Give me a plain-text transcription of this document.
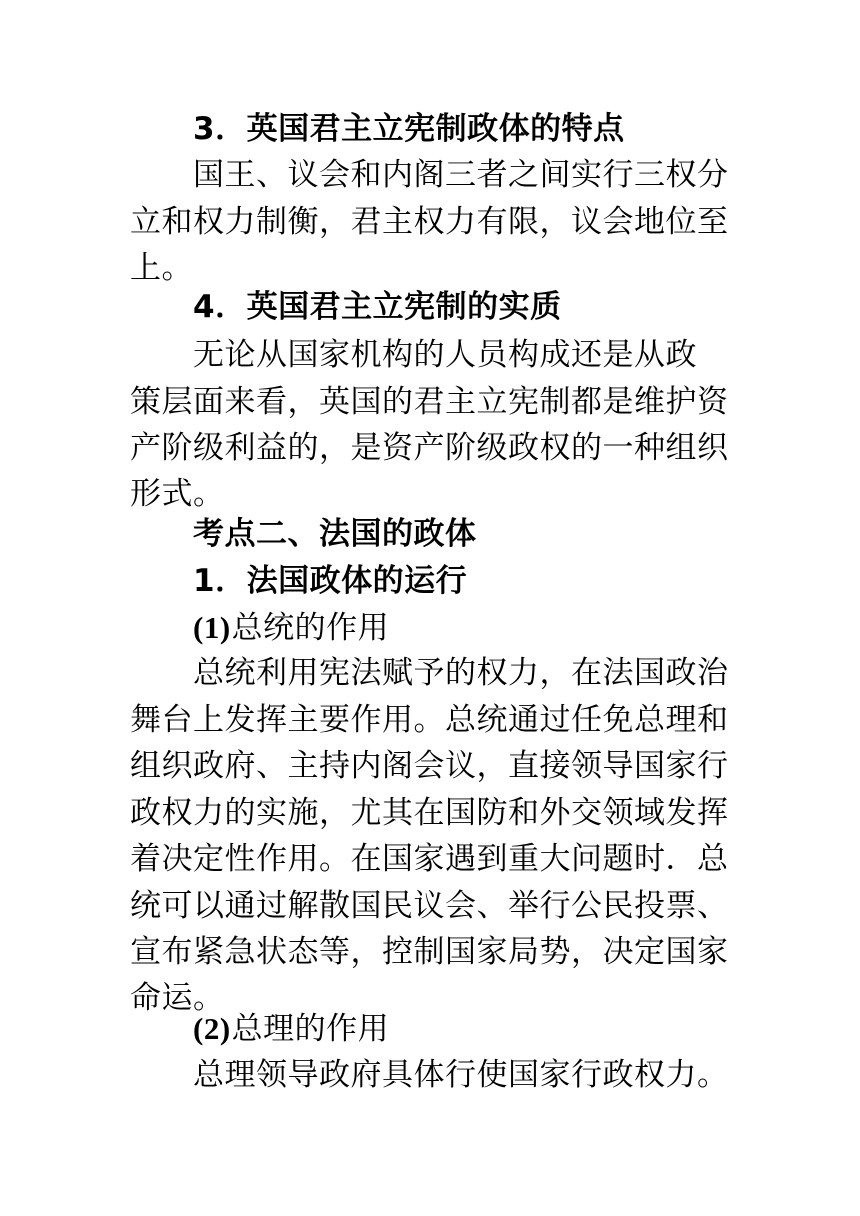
3．英国君主立宪制政体的特点
国王、议会和内阁三者之间实行三权分
立和权力制衡，君主权力有限，议会地位至
上。
4．英国君主立宪制的实质
无论从国家机构的人员构成还是从政
策层面来看，英国的君主立宪制都是维护资
产阶级利益的，是资产阶级政权的一种组织
形式。
考点二、法国的政体
1．法国政体的运行
(1)总统的作用
总统利用宪法赋予的权力，在法国政治
舞台上发挥主要作用。总统通过任免总理和
组织政府、主持内阁会议，直接领导国家行
政权力的实施，尤其在国防和外交领域发挥
着决定性作用。在国家遇到重大问题时．总
统可以通过解散国民议会、举行公民投票、
宣布紧急状态等，控制国家局势，决定国家
命运。
(2)总理的作用
总理领导政府具体行使国家行政权力。
